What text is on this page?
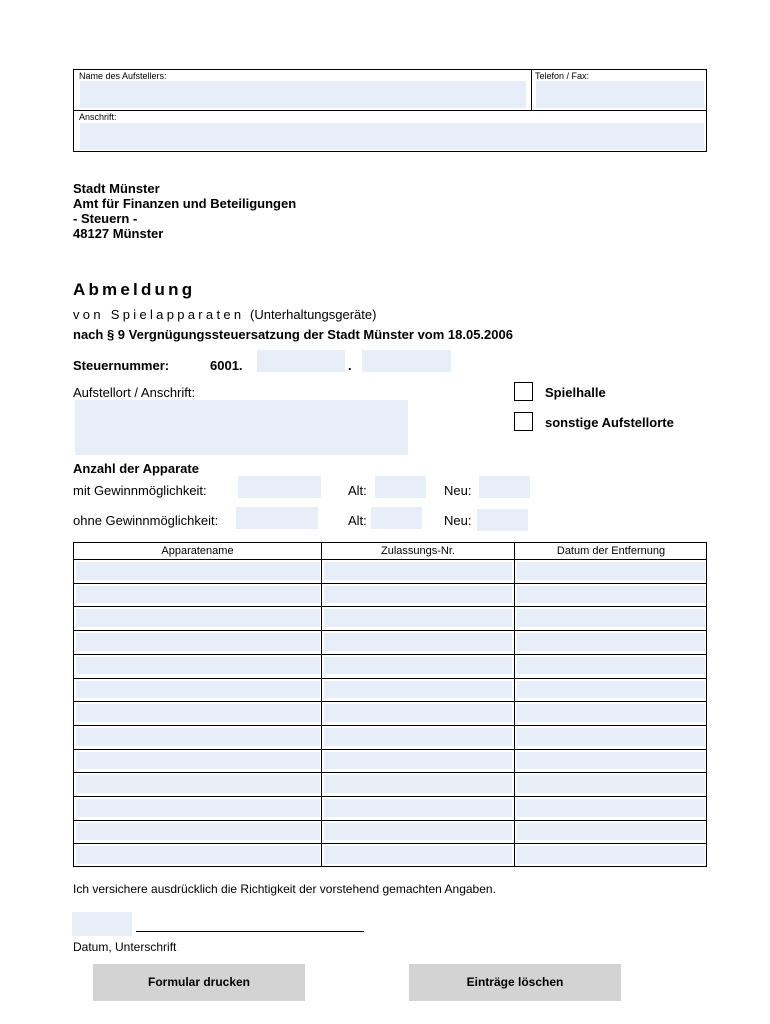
Name des Aufstellers:	Telefon / Fax:
Anschrift:
Stadt Münster
Amt für Finanzen und Beteiligungen
- Steuern -
48127 Münster
Abmeldung
von Spielapparaten (Unterhaltungsgeräte)
nach § 9 Vergnügungssteuersatzung der Stadt Münster vom 18.05.2006
Steuernummer:	6001.	.
Aufstellort / Anschrift:	Spielhalle
sonstige Aufstellorte
Anzahl der Apparate
mit Gewinnmöglichkeit:	Alt:	Neu:
ohne Gewinnmöglichkeit:	Alt:	Neu:
Apparatename	Zulassungs-Nr.	Datum der Entfernung
Ich versichere ausdrücklich die Richtigkeit der vorstehend gemachten Angaben.
Datum, Unterschrift
Formular drucken	Einträge löschen
